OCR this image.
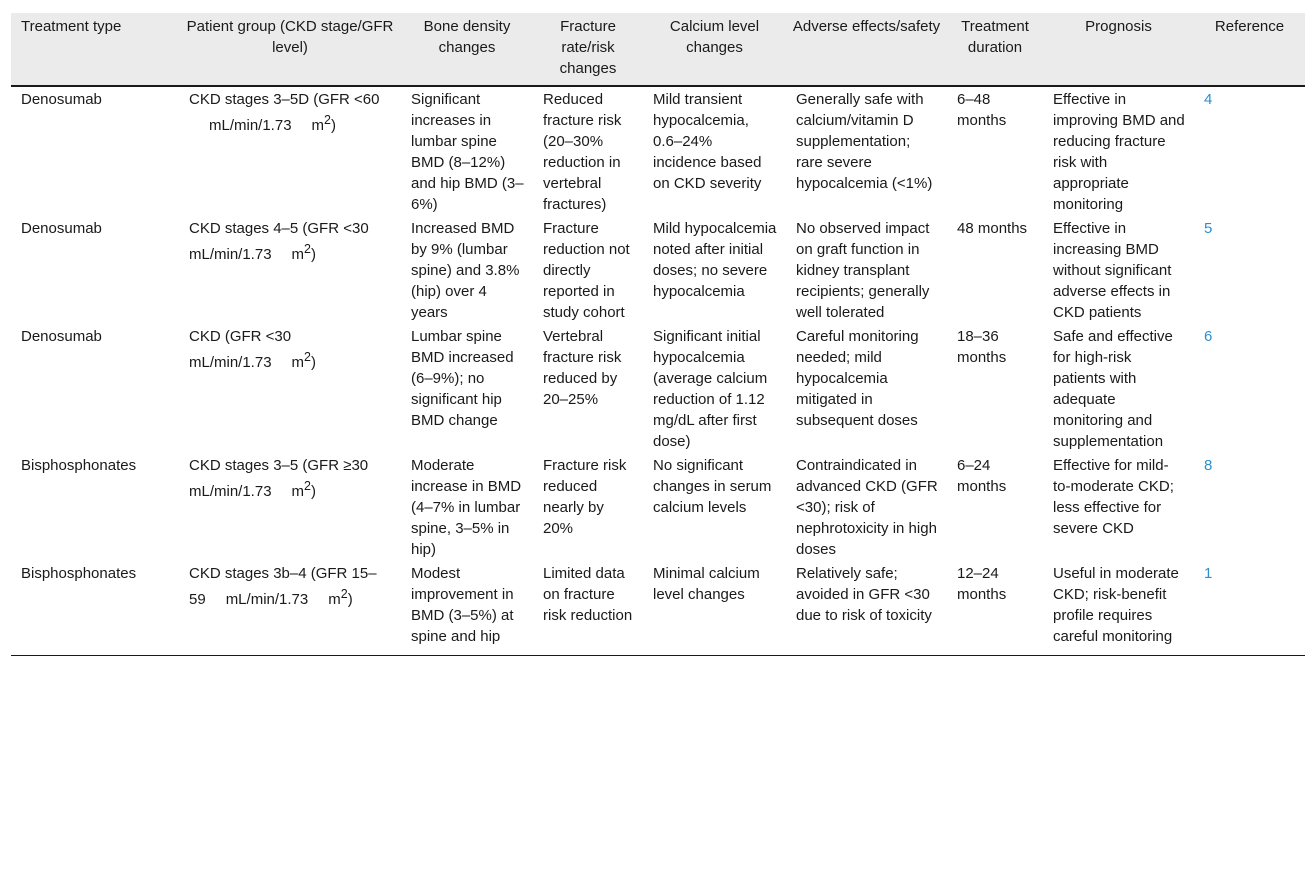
Treatment type	Patient group (CKD stage/GFR level)	Bone density changes	Fracture rate/risk changes	Calcium level changes	Adverse effects/safety	Treatment duration	Prognosis	Reference
Denosumab	CKD stages 3–5D (GFR <60mL/min/1.73 $m^2$)	Significant increases in lumbar spine BMD (8–12%) and hip BMD (3–6%)	Reduced fracture risk (20–30% reduction in vertebral fractures)	Mild transient hypocalcemia, 0.6–24% incidence based on CKD severity	Generally safe with calcium/vitamin D supplementation; rare severe hypocalcemia (<1%)	6–48 months	Effective in improving BMD and reducing fracture risk with appropriate monitoring	4
Denosumab	CKD stages 4–5 (GFR <30mL/min/1.73 $m^2$)	Increased BMD by 9% (lumbar spine) and 3.8% (hip) over 4 years	Fracture reduction not directly reported in study cohort	Mild hypocalcemia noted after initial doses; no severe hypocalcemia	No observed impact on graft function in kidney transplant recipients; generally well tolerated	48 months	Effective in increasing BMD without significant adverse effects in CKD patients	5
Denosumab	CKD (GFR <30mL/min/1.73 $m^2$)	Lumbar spine BMD increased (6–9%); no significant hip BMD change	Vertebral fracture risk reduced by 20–25%	Significant initial hypocalcemia (average calcium reduction of 1.12 mg/dL after first dose)	Careful monitoring needed; mild hypocalcemia mitigated in subsequent doses	18–36 months	Safe and effective for high-risk patients with adequate monitoring and supplementation	6
Bisphosphonates	CKD stages 3–5 (GFR ≥30mL/min/1.73 $m^2$)	Moderate increase in BMD (4–7% in lumbar spine, 3–5% in hip)	Fracture risk reduced nearly by 20%	No significant changes in serum calcium levels	Contraindicated in advanced CKD (GFR <30); risk of nephrotoxicity in high doses	6–24 months	Effective for mild-to-moderate CKD; less effective for severe CKD	8
Bisphosphonates	CKD stages 3b–4 (GFR 15–59 mL/min/1.73 $m^2$)	Modest improvement in BMD (3–5%) at spine and hip	Limited data on fracture risk reduction	Minimal calcium level changes	Relatively safe; avoided in GFR <30 due to risk of toxicity	12–24 months	Useful in moderate CKD; risk-benefit profile requires careful monitoring	1
